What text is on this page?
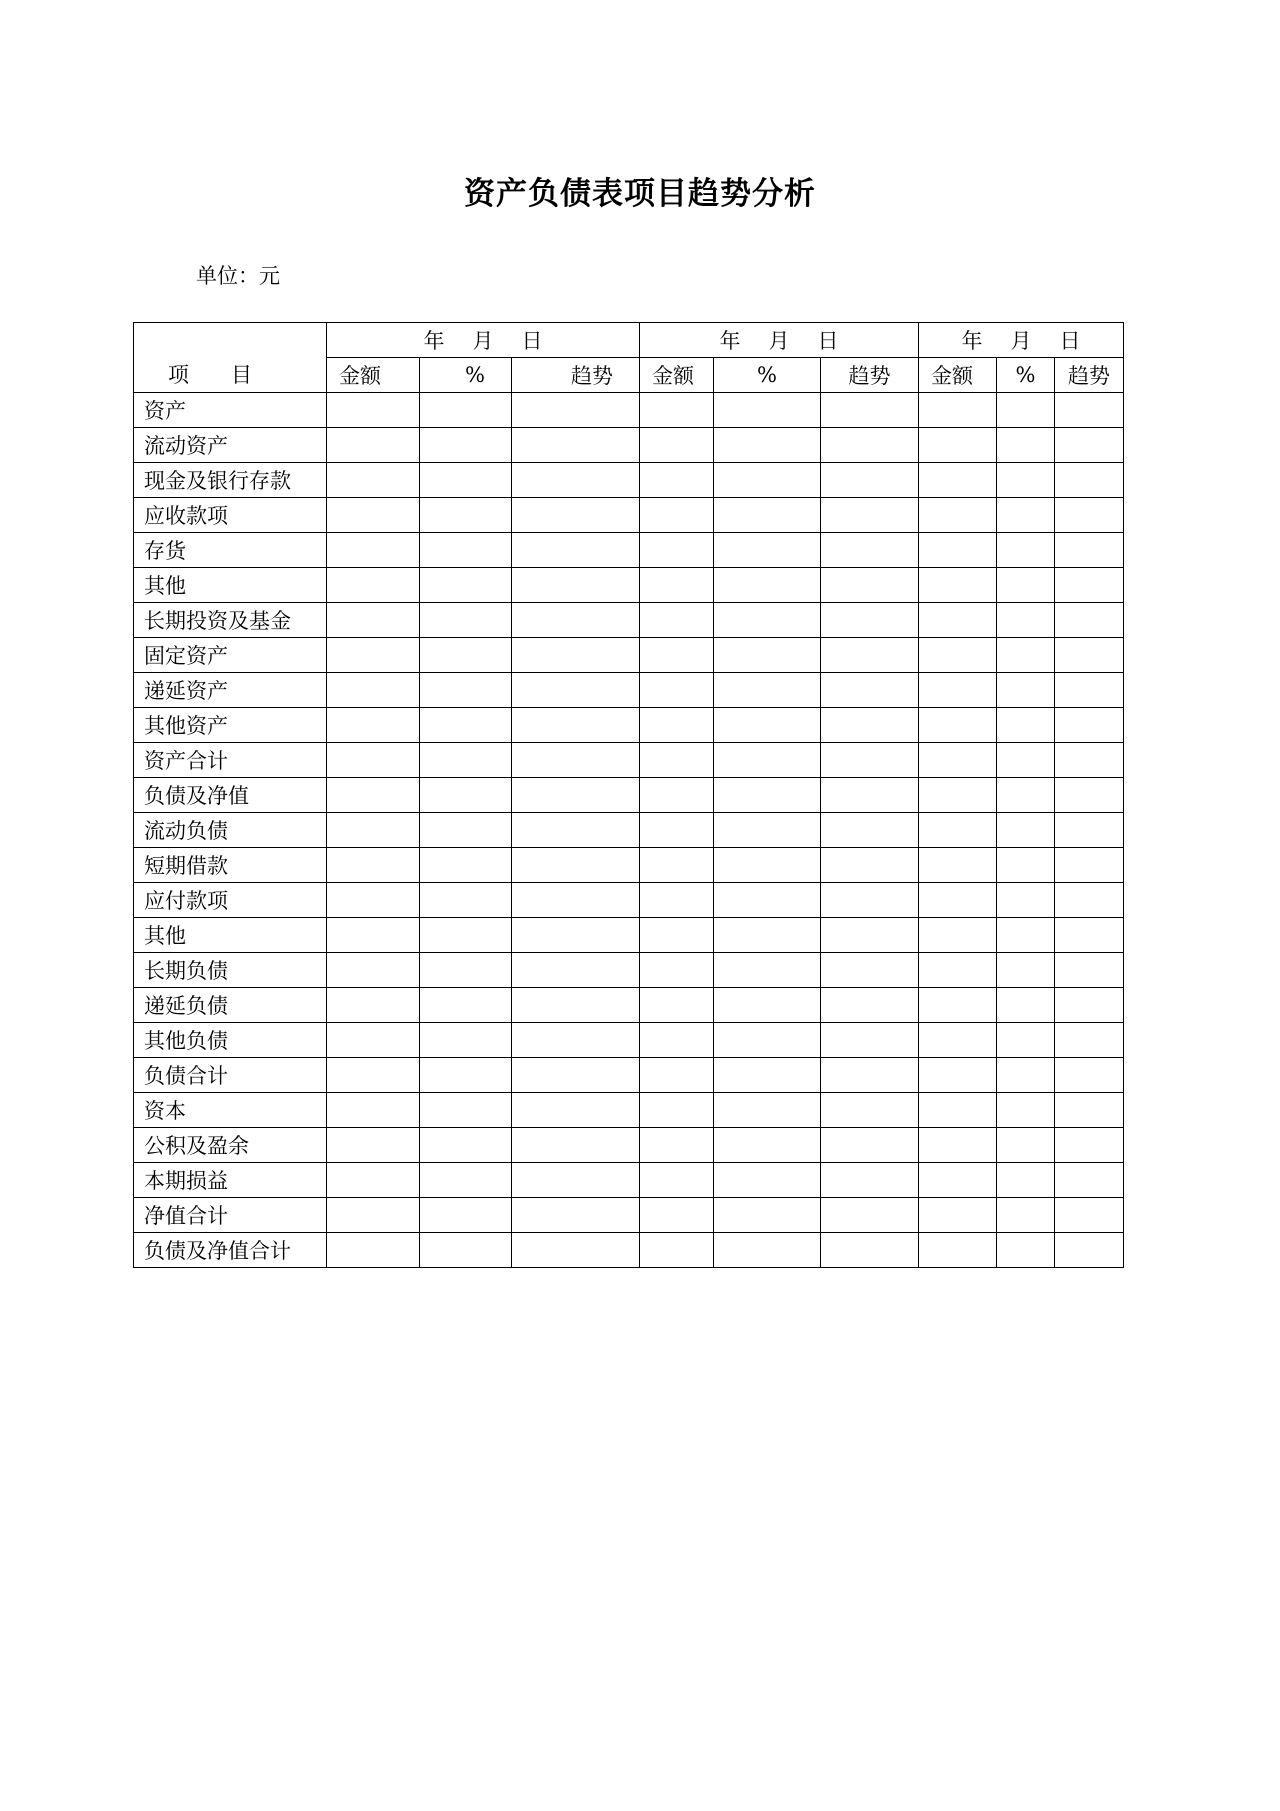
资产负债表项目趋势分析
单位：元
项 目	年 月 日			年 月 日			年 月 日		
	金额	%	趋势	金额	%	趋势	金额	%	趋势
资产									
流动资产									
现金及银行存款									
应收款项									
存货									
其他									
长期投资及基金									
固定资产									
递延资产									
其他资产									
资产合计									
负债及净值									
流动负债									
短期借款									
应付款项									
其他									
长期负债									
递延负债									
其他负债									
负债合计									
资本									
公积及盈余									
本期损益									
净值合计									
负债及净值合计									
